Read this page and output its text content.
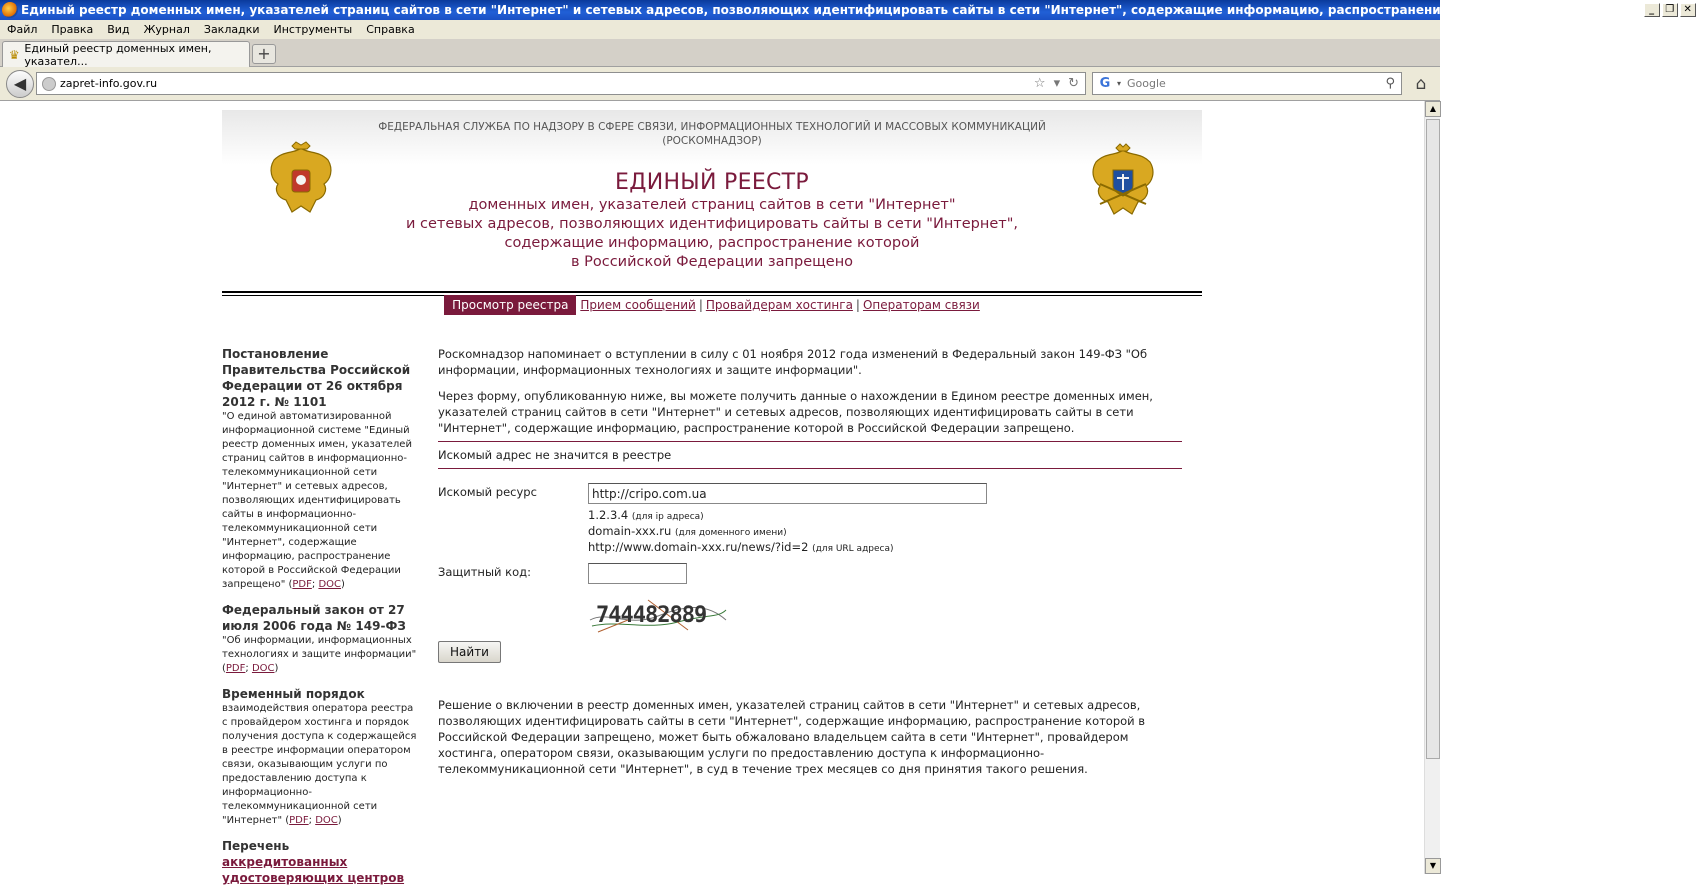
Единый реестр доменных имен, указателей страниц сайтов в сети "Интернет" и сетевых адресов, позволяющих идентифицировать сайты в сети "Интернет", содержащие информацию, распространение которой в Российской Фе... _	❐ ✕
Файл	Правка	Вид	Журнал	Закладки	Инструменты	Справка
♛ Единый реестр доменных имен, указател...	+
◀	zapret-info.gov.ru	☆ ▾ ↻ G ▾ Google	⚲	⌂
ФЕДЕРАЛЬНАЯ СЛУЖБА ПО НАДЗОРУ В СФЕРЕ СВЯЗИ, ИНФОРМАЦИОННЫХ ТЕХНОЛОГИЙ И МАССОВЫХ КОММУНИКАЦИЙ
(РОСКОМНАДЗОР)
ЕДИНЫЙ РЕЕСТР
доменных имен, указателей страниц сайтов в сети "Интернет"
и сетевых адресов, позволяющих идентифицировать сайты в сети "Интернет",
содержащие информацию, распространение которой
в Российской Федерации запрещено
Просмотр реестра Прием сообщений | Провайдерам хостинга | Операторам связи
Постановление Правительства Российской Федерации от 26 октября 2012 г. № 1101
"О единой автоматизированной информационной системе "Единый реестр доменных имен, указателей страниц сайтов в информационно-телекоммуникационной сети "Интернет" и сетевых адресов, позволяющих идентифицировать сайты в информационно-телекоммуникационной сети "Интернет", содержащие информацию, распространение которой в Российской Федерации запрещено" (PDF; DOC)
Федеральный закон от 27 июля 2006 года № 149-ФЗ
"Об информации, информационных технологиях и защите информации" (PDF; DOC)
Временный порядок
взаимодействия оператора реестра с провайдером хостинга и порядок получения доступа к содержащейся в реестре информации оператором связи, оказывающим услуги по предоставлению доступа к информационно-телекоммуникационной сети "Интернет" (PDF; DOC)
Перечень аккредитованных удостоверяющих центров

Роскомнадзор напоминает о вступлении в силу с 01 ноября 2012 года изменений в Федеральный закон 149-ФЗ "Об информации, информационных технологиях и защите информации".

Через форму, опубликованную ниже, вы можете получить данные о нахождении в Едином реестре доменных имен, указателей страниц сайтов в сети "Интернет" и сетевых адресов, позволяющих идентифицировать сайты в сети "Интернет", содержащие информацию, распространение которой в Российской Федерации запрещено.

Искомый адрес не значится в реестре
Искомый ресурс
http://cripo.com.ua
1.2.3.4 (для ip адреса)
domain-xxx.ru (для доменного имени)
http://www.domain-xxx.ru/news/?id=2 (для URL адреса)
Защитный код:
744482889
Найти

Решение о включении в реестр доменных имен, указателей страниц сайтов в сети "Интернет" и сетевых адресов, позволяющих идентифицировать сайты в сети "Интернет", содержащие информацию, распространение которой в Российской Федерации запрещено, может быть обжаловано владельцем сайта в сети "Интернет", провайдером хостинга, оператором связи, оказывающим услуги по предоставлению доступа к информационно-телекоммуникационной сети "Интернет", в суд в течение трех месяцев со дня принятия такого решения.

▲
▼
